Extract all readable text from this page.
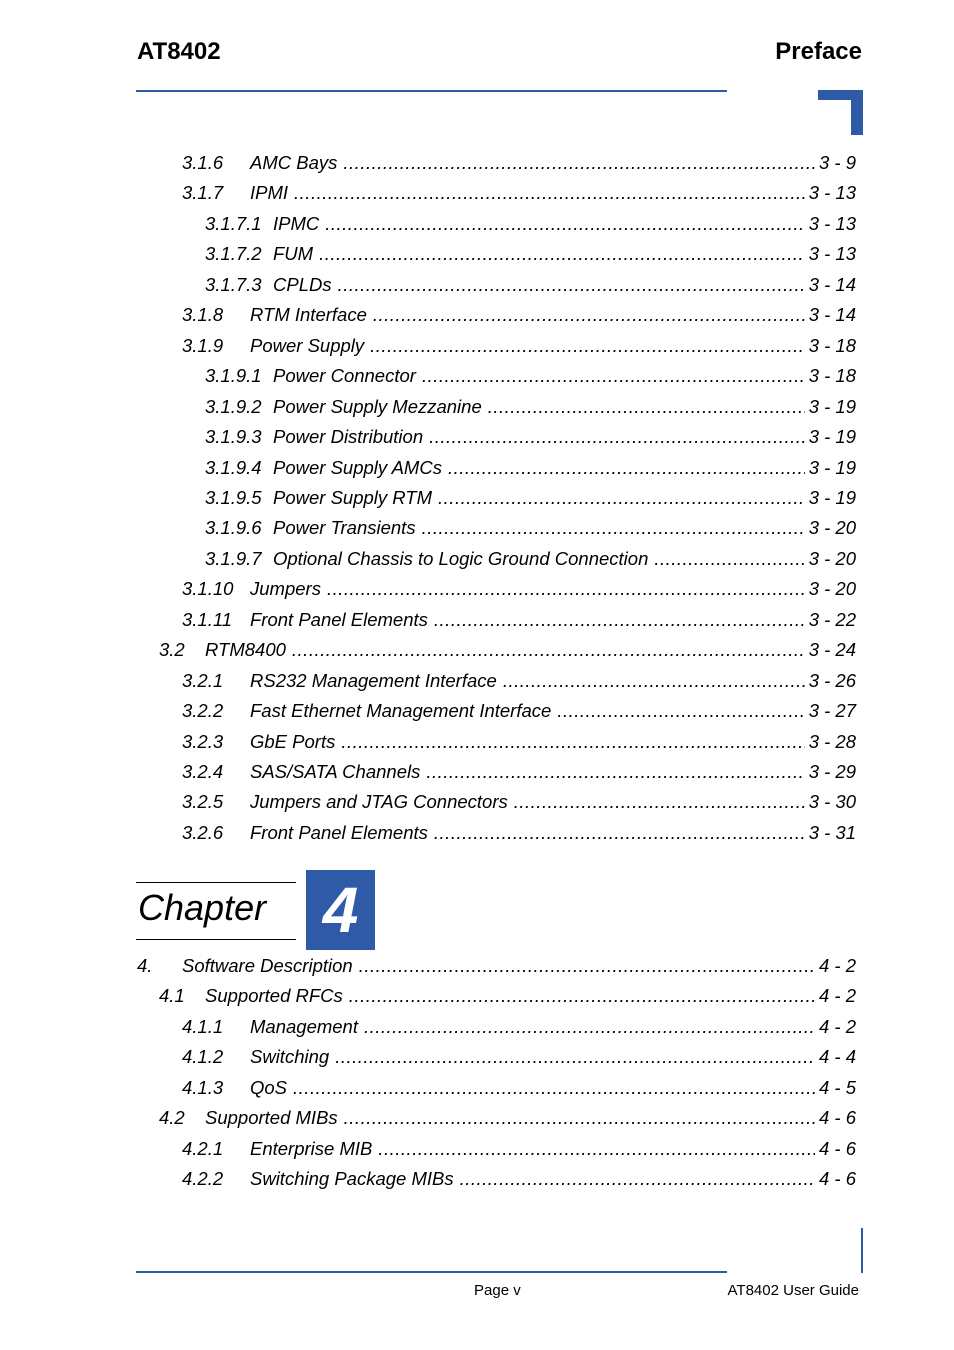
AT8402	Preface
3.1.6	AMC Bays .....	3 - 9
3.1.7	IPMI .....	3 - 13
3.1.7.1 IPMC .....	3 - 13
3.1.7.2 FUM .....	3 - 13
3.1.7.3 CPLDs .....	3 - 14
3.1.8	RTM Interface .....	3 - 14
3.1.9	Power Supply .....	3 - 18
3.1.9.1 Power Connector .....	3 - 18
3.1.9.2 Power Supply Mezzanine .....	3 - 19
3.1.9.3 Power Distribution .....	3 - 19
3.1.9.4 Power Supply AMCs .....	3 - 19
3.1.9.5 Power Supply RTM .....	3 - 19
3.1.9.6 Power Transients .....	3 - 20
3.1.9.7 Optional Chassis to Logic Ground Connection .....	3 - 20
3.1.10 Jumpers .....	3 - 20
3.1.11 Front Panel Elements .....	3 - 22
3.2	RTM8400 .....	3 - 24
3.2.1	RS232 Management Interface .....	3 - 26
3.2.2	Fast Ethernet Management Interface .....	3 - 27
3.2.3	GbE Ports .....	3 - 28
3.2.4	SAS/SATA Channels .....	3 - 29
3.2.5	Jumpers and JTAG Connectors .....	3 - 30
3.2.6	Front Panel Elements .....	3 - 31
Chapter 4
4.	Software Description .....	4 - 2
4.1	Supported RFCs .....	4 - 2
4.1.1	Management .....	4 - 2
4.1.2	Switching .....	4 - 4
4.1.3	QoS .....	4 - 5
4.2	Supported MIBs .....	4 - 6
4.2.1	Enterprise MIB .....	4 - 6
4.2.2	Switching Package MIBs .....	4 - 6
Page v	AT8402 User Guide
